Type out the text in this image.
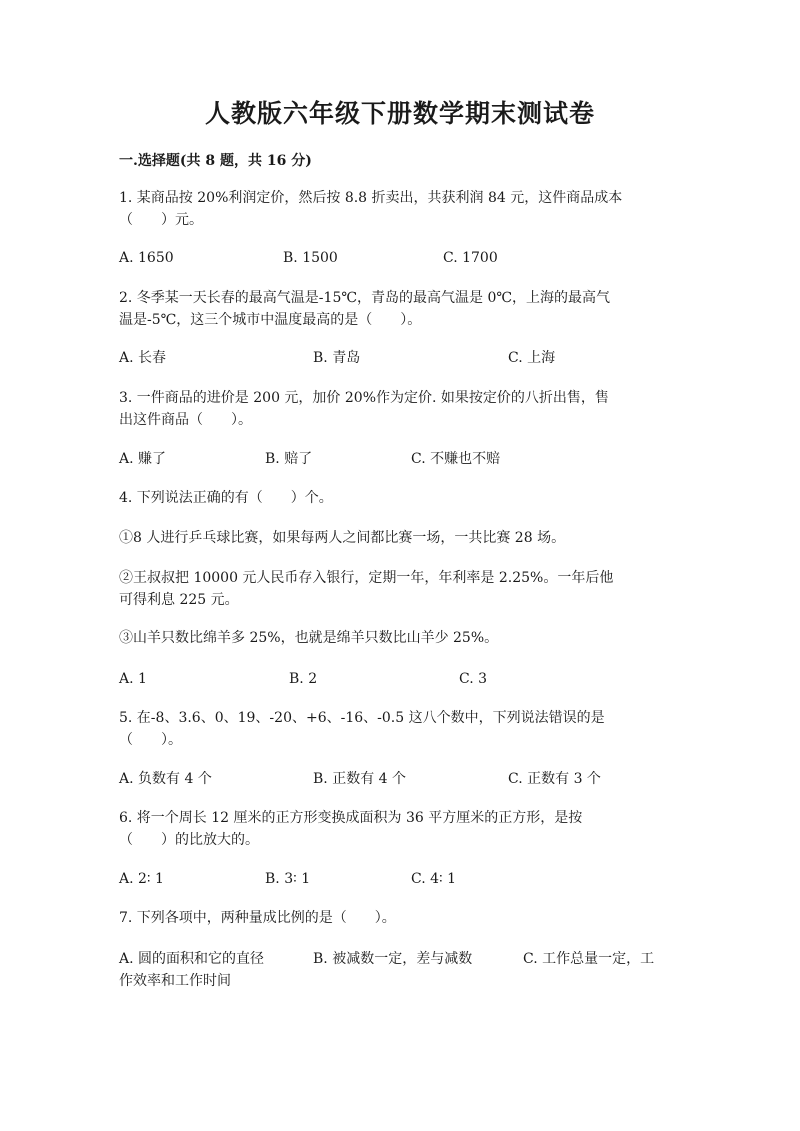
人教版六年级下册数学期末测试卷
一.选择题(共 8 题，共 16 分)
1. 某商品按 20%利润定价，然后按 8.8 折卖出，共获利润 84 元，这件商品成本
（　　）元。
A. 1650	B. 1500	C. 1700
2. 冬季某一天长春的最高气温是-15℃，青岛的最高气温是 0℃，上海的最高气
温是-5℃，这三个城市中温度最高的是（　　）。
A. 长春	B. 青岛	C. 上海
3. 一件商品的进价是 200 元，加价 20%作为定价. 如果按定价的八折出售，售
出这件商品（　　）。
A. 赚了	B. 赔了	C. 不赚也不赔
4. 下列说法正确的有（　　）个。
①8 人进行乒乓球比赛，如果每两人之间都比赛一场，一共比赛 28 场。
②王叔叔把 10000 元人民币存入银行，定期一年，年利率是 2.25%。一年后他
可得利息 225 元。
③山羊只数比绵羊多 25%，也就是绵羊只数比山羊少 25%。
A. 1	B. 2	C. 3
5. 在-8、3.6、0、19、-20、+6、-16、-0.5 这八个数中，下列说法错误的是
（　　）。
A. 负数有 4 个	B. 正数有 4 个	C. 正数有 3 个
6. 将一个周长 12 厘米的正方形变换成面积为 36 平方厘米的正方形，是按
（　　）的比放大的。
A. 2∶ 1	B. 3∶ 1	C. 4∶ 1
7. 下列各项中，两种量成比例的是（　　）。
A. 圆的面积和它的直径	B. 被减数一定，差与减数	C. 工作总量一定，工
作效率和工作时间
